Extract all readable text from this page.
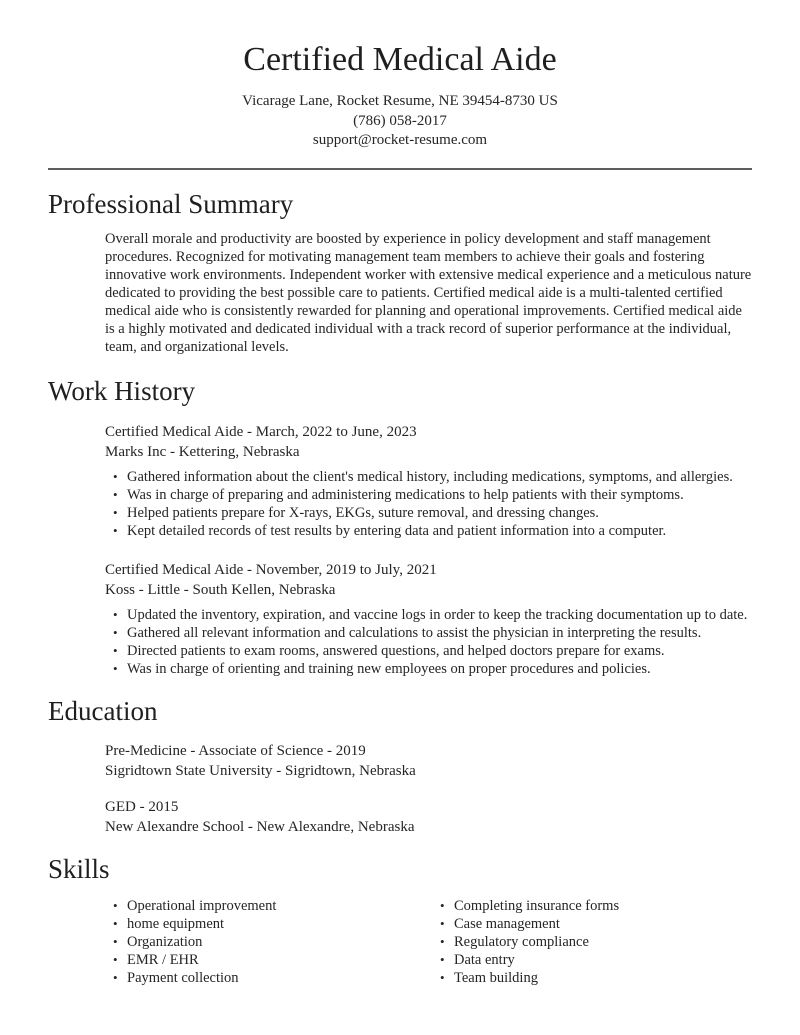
Certified Medical Aide
Vicarage Lane, Rocket Resume, NE 39454-8730 US
(786) 058-2017
support@rocket-resume.com
Professional Summary

Overall morale and productivity are boosted by experience in policy development and staff management procedures. Recognized for motivating management team members to achieve their goals and fostering innovative work environments. Independent worker with extensive medical experience and a meticulous nature dedicated to providing the best possible care to patients. Certified medical aide is a multi-talented certified medical aide who is consistently rewarded for planning and operational improvements. Certified medical aide is a highly motivated and dedicated individual with a track record of superior performance at the individual, team, and organizational levels.

Work History
Certified Medical Aide - March, 2022 to June, 2023
Marks Inc - Kettering, Nebraska
• Gathered information about the client's medical history, including medications, symptoms, and allergies.
• Was in charge of preparing and administering medications to help patients with their symptoms.
• Helped patients prepare for X-rays, EKGs, suture removal, and dressing changes.
• Kept detailed records of test results by entering data and patient information into a computer.
Certified Medical Aide - November, 2019 to July, 2021
Koss - Little - South Kellen, Nebraska
• Updated the inventory, expiration, and vaccine logs in order to keep the tracking documentation up to date.
• Gathered all relevant information and calculations to assist the physician in interpreting the results.
• Directed patients to exam rooms, answered questions, and helped doctors prepare for exams.
• Was in charge of orienting and training new employees on proper procedures and policies.
Education
Pre-Medicine - Associate of Science - 2019
Sigridtown State University - Sigridtown, Nebraska
GED - 2015
New Alexandre School - New Alexandre, Nebraska
Skills
• Operational improvement
• home equipment
• Organization
• EMR / EHR
• Payment collection
• Completing insurance forms
• Case management
• Regulatory compliance
• Data entry
• Team building
